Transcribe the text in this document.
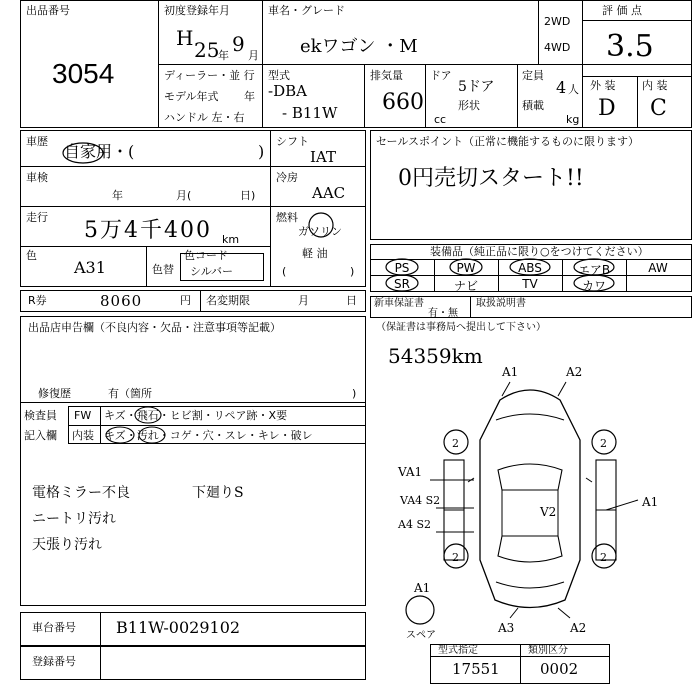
出品番号
3054
初度登録年月
H 25
年 9 月
車名・グレード
ekワゴン ・M
2WD
4WD
評 価 点
3.5
ディーラー・並 行
モデル年式 年
ハンドル 左・右
型式
-DBA
- B11W
排気量
660
cc
ドア
5ドア
定員
4 人
形状	積載
kg
外 装 内 装
D C
車歴
自家用・(	)
車検
年	月(	日)
走行
5万4千400 km
色
A31	色替
色コード
シルバー
シフト
IAT
冷房
AAC
燃料
ガソリン
軽 油
(	)
セールスポイント（正常に機能するものに限ります）
0円売切スタート!!
装備品（純正品に限り○をつけてください）
PS	PW	ABS	エアB	AW
SR	ナビ	TV	カワ
R券	8060	円 名変期限	月	日 新車保証書
有・無
取扱説明書
（保証書は事務局へ提出して下さい）
出品店申告欄（不良内容・欠品・注意事項等記載）
修復歴	有（箇所	)
検査員
記入欄
FW キズ・飛石・ヒビ割・リペア跡・X要
内装 キズ・汚れ・コゲ・穴・スレ・キレ・破レ
電格ミラー不良
ニートリ汚れ
天張り汚れ
下廻りS
54359km
A1	A2
VA1
VA4 S2
A4 S2
V2
A1
A1
A3	A2
2	2
2	2
スペア
車台番号	B11W-0029102
登録番号
型式指定	類別区分
17551	0002
